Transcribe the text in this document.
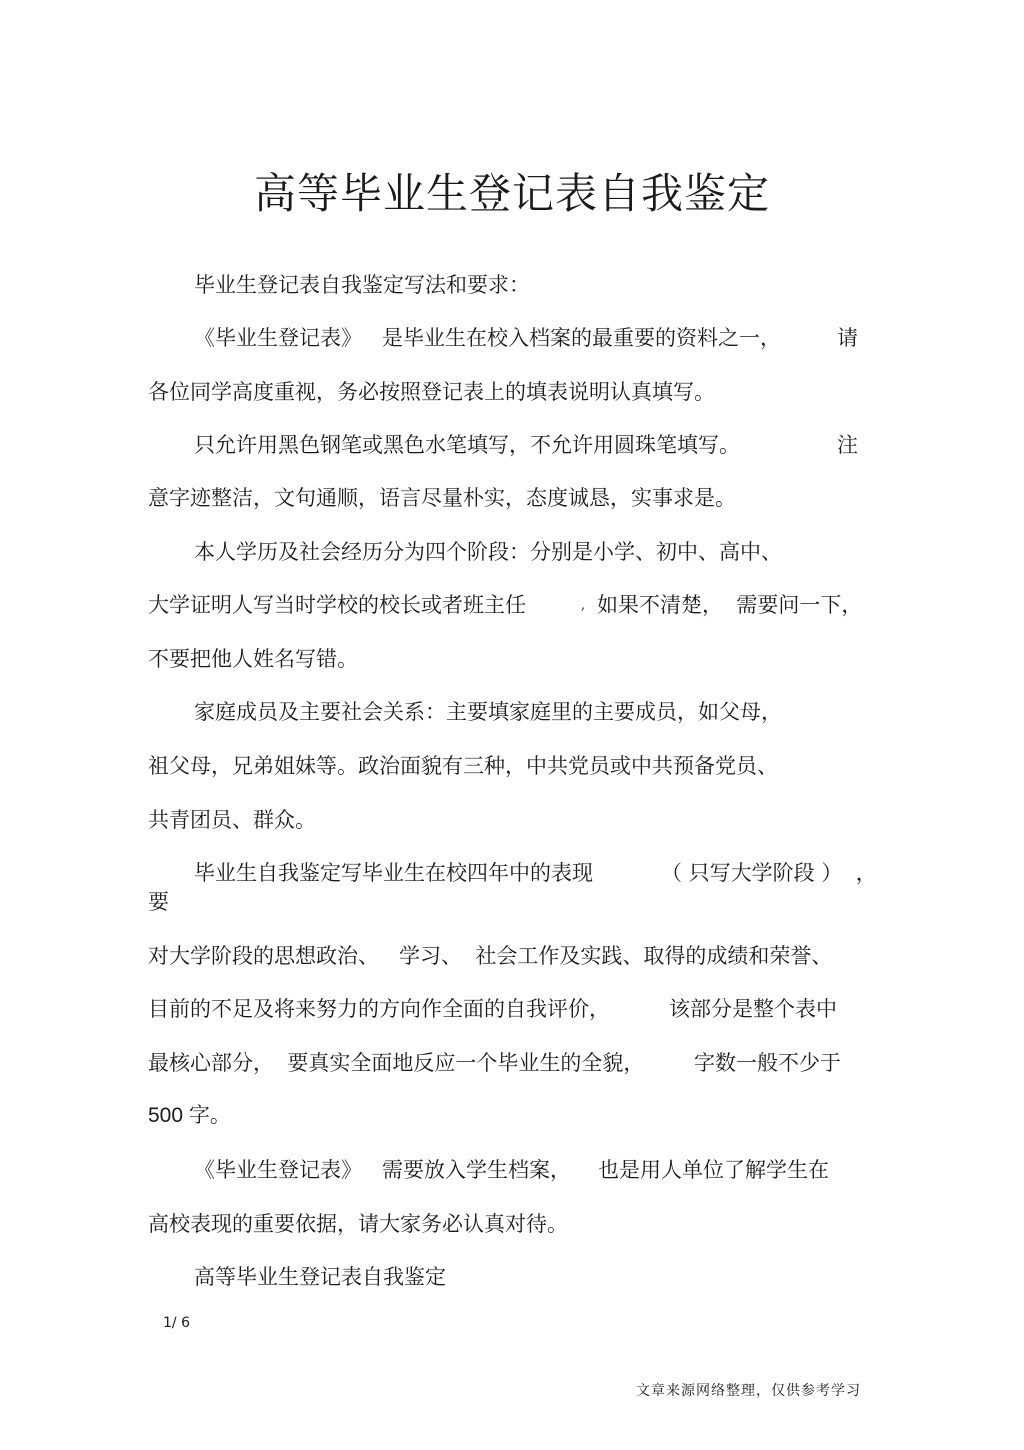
高等毕业生登记表自我鉴定

毕业生登记表自我鉴定写法和要求：

《毕业生登记表》   是毕业生在校入档案的最重要的资料之一，	请

各位同学高度重视，务必按照登记表上的填表说明认真填写。

只允许用黑色钢笔或黑色水笔填写，不允许用圆珠笔填写。	注

意字迹整洁，文句通顺，语言尽量朴实，态度诚恳，实事求是。

本人学历及社会经历分为四个阶段：分别是小学、初中、高中、

大学证明人写当时学校的校长或者班主任	, 如果不清楚，  需要问一下，

不要把他人姓名写错。

家庭成员及主要社会关系：主要填家庭里的主要成员，如父母，

祖父母，兄弟姐妹等。政治面貌有三种，中共党员或中共预备党员、

共青团员、群众。

毕业生自我鉴定写毕业生在校四年中的表现	（ 只写大学阶段 ）  ，
要

对大学阶段的思想政治、   学习、  社会工作及实践、取得的成绩和荣誉、

目前的不足及将来努力的方向作全面的自我评价，	该部分是整个表中

最核心部分，  要真实全面地反应一个毕业生的全貌， 字数一般不少于

500 字。

《毕业生登记表》   需要放入学生档案， 也是用人单位了解学生在

高校表现的重要依据，请大家务必认真对待。

高等毕业生登记表自我鉴定

1/ 6
文章来源网络整理，仅供参考学习
